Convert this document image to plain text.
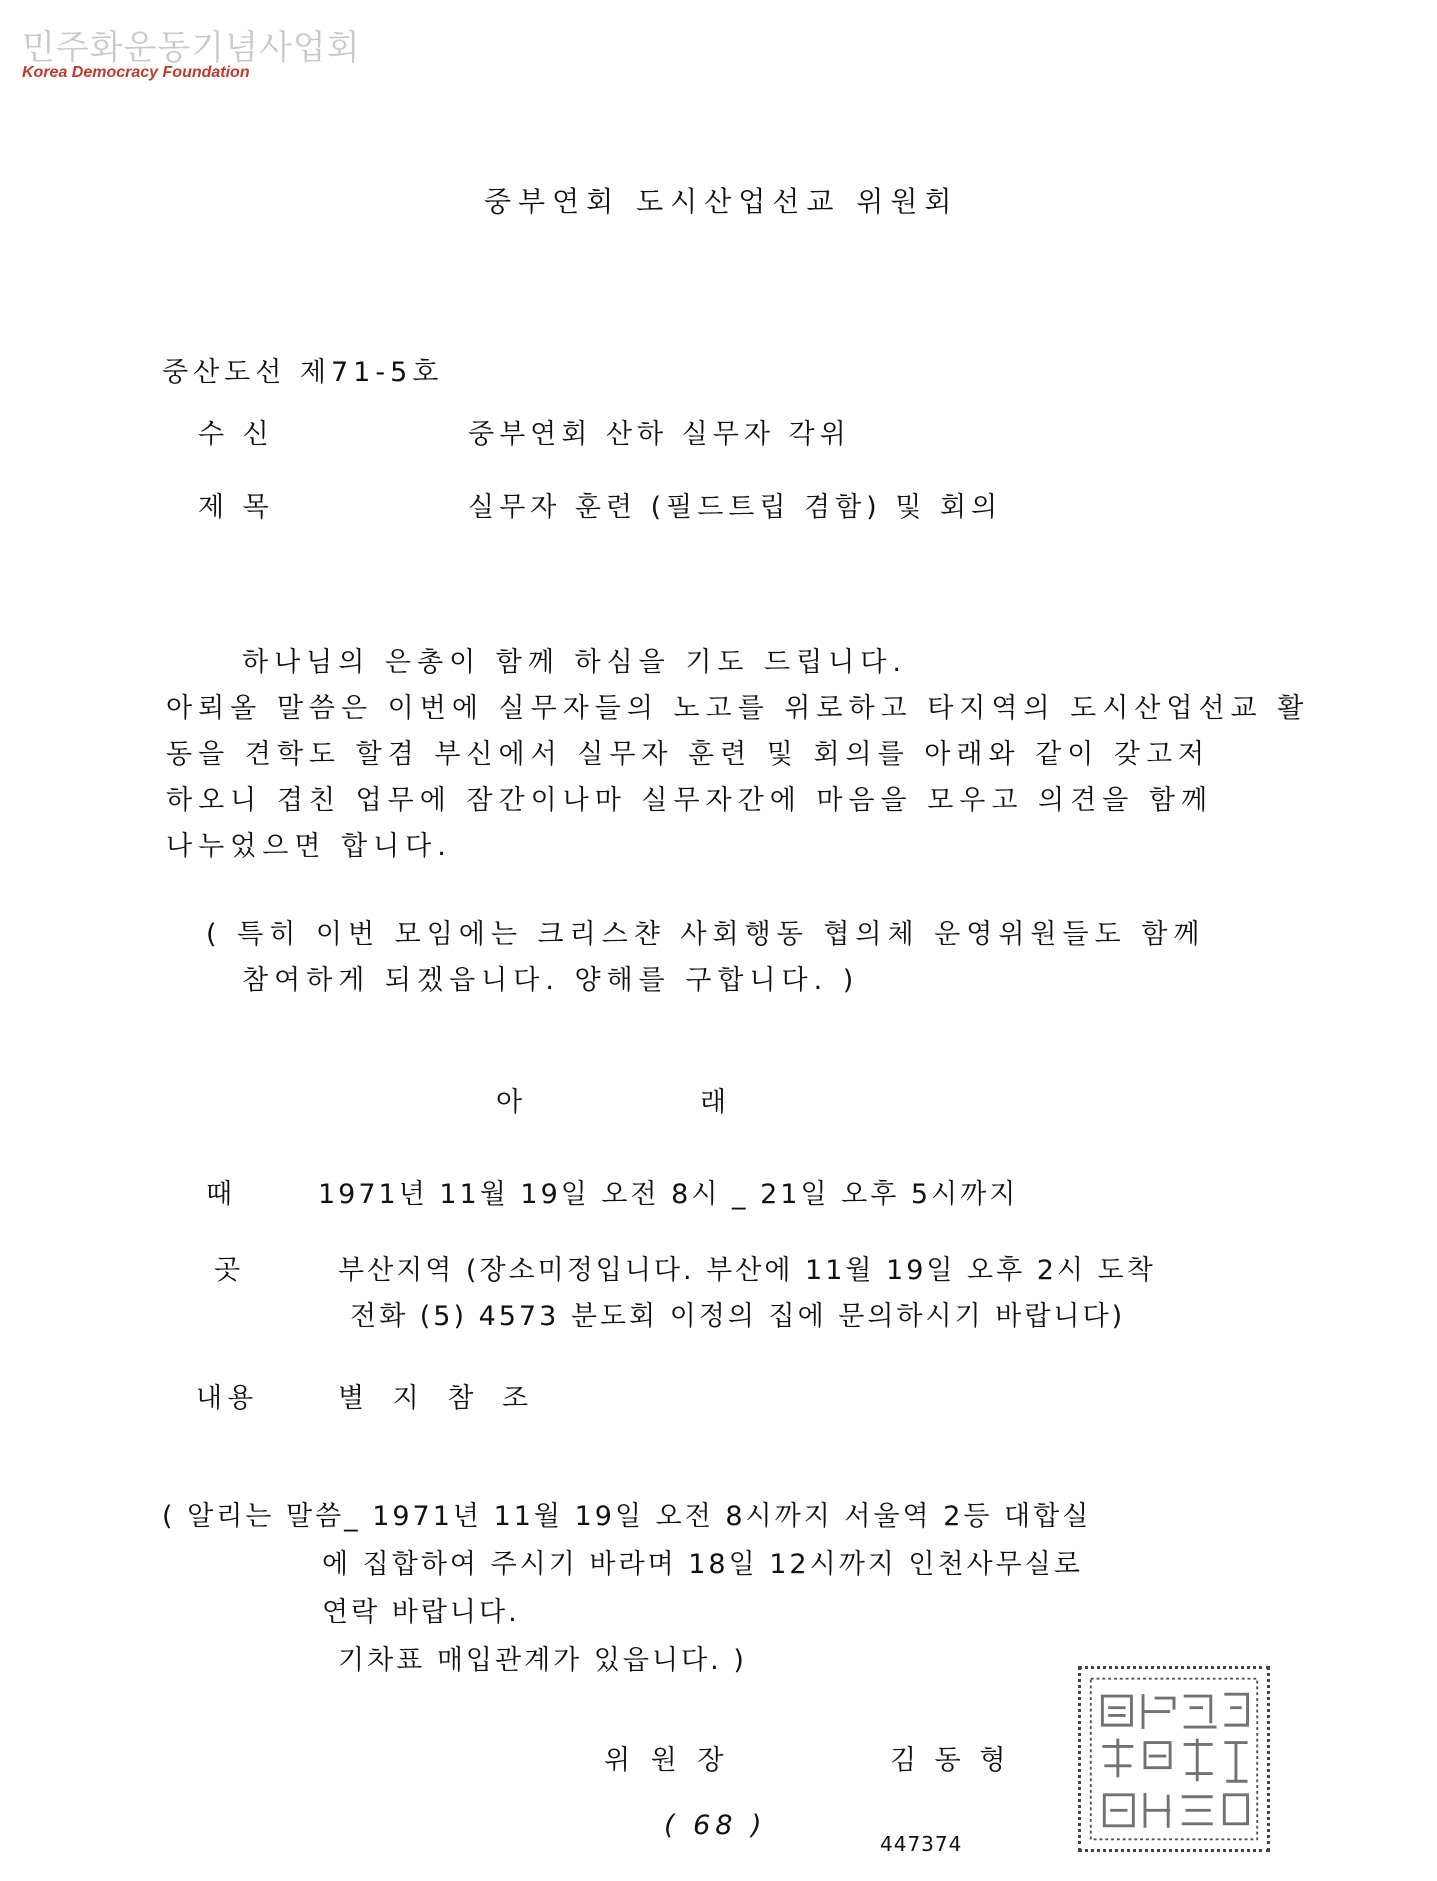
민주화운동기념사업회
Korea Democracy Foundation
중부연회 도시산업선교 위원회
중산도선 제71-5호
수 신	중부연회 산하 실무자 각위
제 목	실무자 훈련 (필드트립 겸함) 및 회의
하나님의 은총이 함께 하심을 기도 드립니다.
아뢰올 말씀은 이번에 실무자들의 노고를 위로하고 타지역의 도시산업선교 활
동을 견학도 할겸 부신에서 실무자 훈련 및 회의를 아래와 같이 갖고저
하오니 겹친 업무에 잠간이나마 실무자간에 마음을 모우고 의견을 함께
나누었으면 합니다.
( 특히 이번 모임에는 크리스챤 사회행동 협의체 운영위원들도 함께
참여하게 되겠읍니다. 양해를 구합니다. )
아	래
때	1971년 11월 19일 오전 8시 _ 21일 오후 5시까지
곳	부산지역 (장소미정입니다. 부산에 11월 19일 오후 2시 도착
전화 (5) 4573 분도회 이정의 집에 문의하시기 바랍니다)
내용	별 지 참 조
( 알리는 말씀_ 1971년 11월 19일 오전 8시까지 서울역 2등 대합실
에 집합하여 주시기 바라며 18일 12시까지 인천사무실로
연락 바랍니다.
기차표 매입관계가 있읍니다. )
위 원 장	김 동 형
( 68 )
447374
